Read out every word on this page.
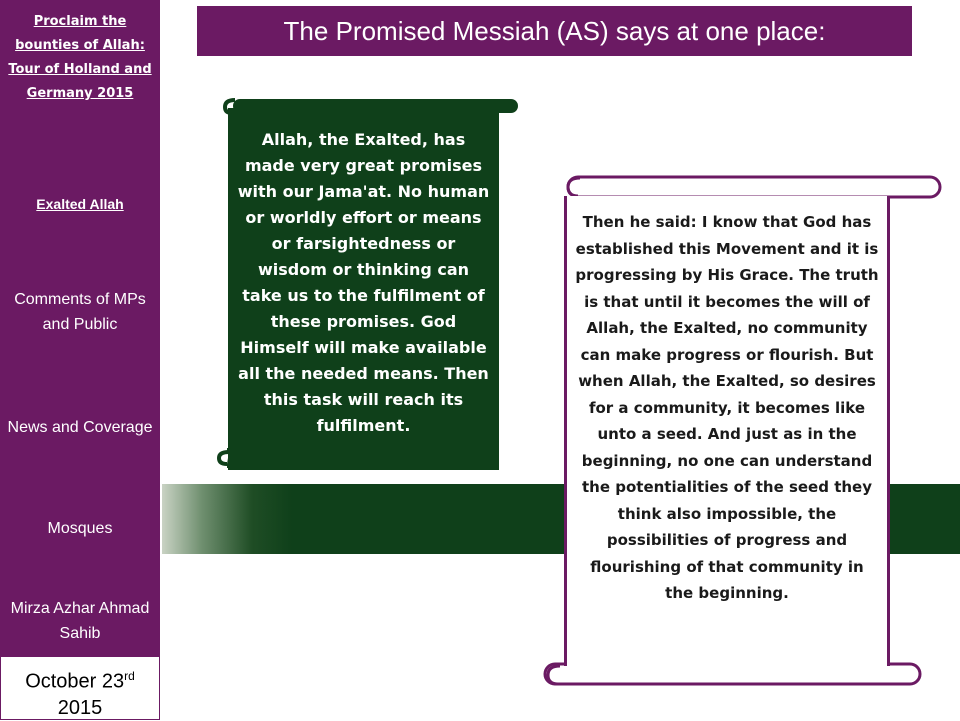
Proclaim the bounties of Allah: Tour of Holland and Germany 2015
Exalted Allah
Comments of MPs and Public
News and Coverage
Mosques
Mirza Azhar Ahmad Sahib
October 23rd
2015
The Promised Messiah (AS) says at one place:
Allah, the Exalted, has made very great promises with our Jama'at. No human or worldly effort or means or farsightedness or wisdom or thinking can take us to the fulfilment of these promises. God Himself will make available all the needed means. Then this task will reach its fulfilment.
Then he said: I know that God has established this Movement and it is progressing by His Grace. The truth is that until it becomes the will of Allah, the Exalted, no community can make progress or flourish. But when Allah, the Exalted, so desires for a community, it becomes like unto a seed. And just as in the beginning, no one can understand the potentialities of the seed they think also impossible, the possibilities of progress and flourishing of that community in the beginning.
